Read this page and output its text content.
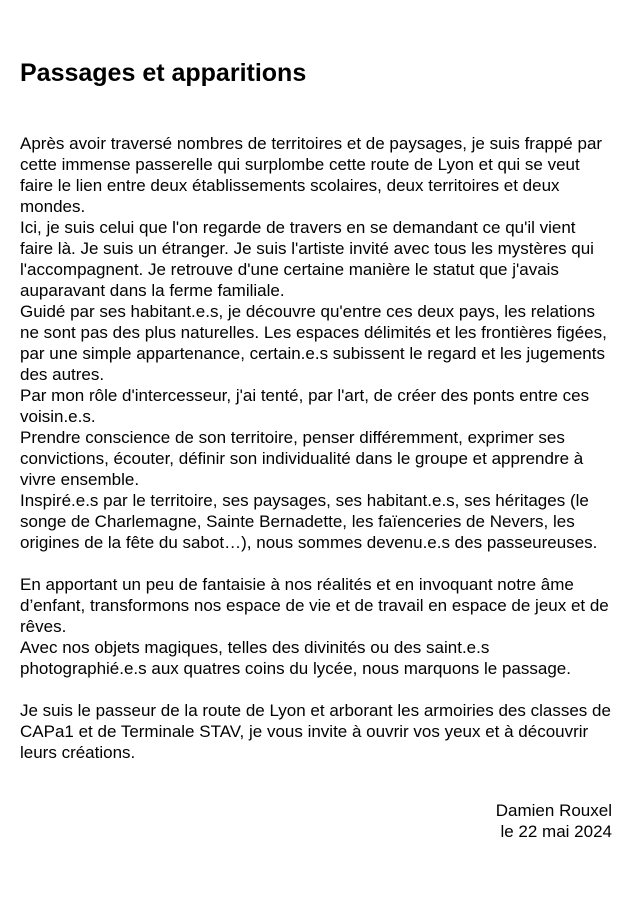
Passages et apparitions

Après avoir traversé nombres de territoires et de paysages, je suis frappé par cette immense passerelle qui surplombe cette route de Lyon et qui se veut faire le lien entre deux établissements scolaires, deux territoires et deux mondes.

Ici, je suis celui que l'on regarde de travers en se demandant ce qu'il vient faire là. Je suis un étranger. Je suis l'artiste invité avec tous les mystères qui l'accompagnent. Je retrouve d'une certaine manière le statut que j'avais auparavant dans la ferme familiale.

Guidé par ses habitant.e.s, je découvre qu'entre ces deux pays, les relations ne sont pas des plus naturelles. Les espaces délimités et les frontières figées, par une simple appartenance, certain.e.s subissent le regard et les jugements des autres.

Par mon rôle d'intercesseur, j'ai tenté, par l'art, de créer des ponts entre ces voisin.e.s.

Prendre conscience de son territoire, penser différemment, exprimer ses convictions, écouter, définir son individualité dans le groupe et apprendre à vivre ensemble.

Inspiré.e.s par le territoire, ses paysages, ses habitant.e.s, ses héritages (le songe de Charlemagne, Sainte Bernadette, les faïenceries de Nevers, les origines de la fête du sabot…), nous sommes devenu.e.s des passeureuses.

En apportant un peu de fantaisie à nos réalités et en invoquant notre âme d’enfant, transformons nos espace de vie et de travail en espace de jeux et de rêves.

Avec nos objets magiques, telles des divinités ou des saint.e.s photographié.e.s aux quatres coins du lycée, nous marquons le passage.

Je suis le passeur de la route de Lyon et arborant les armoiries des classes de CAPa1 et de Terminale STAV, je vous invite à ouvrir vos yeux et à découvrir leurs créations.

Damien Rouxel
le 22 mai 2024
